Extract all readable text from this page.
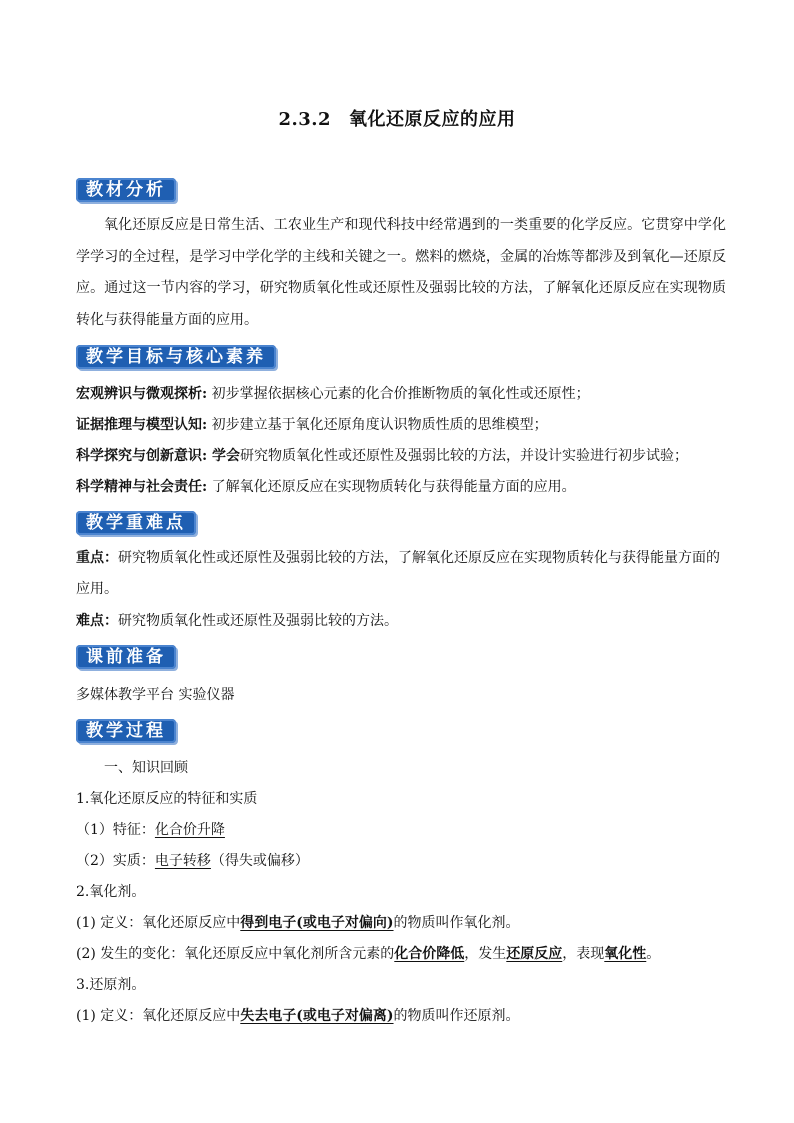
2.3.2 氧化还原反应的应用
教材分析
氧化还原反应是日常生活、工农业生产和现代科技中经常遇到的一类重要的化学反应。它贯穿中学化学学习的全过程，是学习中学化学的主线和关键之一。燃料的燃烧，金属的冶炼等都涉及到氧化—还原反应。通过这一节内容的学习，研究物质氧化性或还原性及强弱比较的方法，了解氧化还原反应在实现物质转化与获得能量方面的应用。
教学目标与核心素养
宏观辨识与微观探析: 初步掌握依据核心元素的化合价推断物质的氧化性或还原性；
证据推理与模型认知: 初步建立基于氧化还原角度认识物质性质的思维模型；
科学探究与创新意识: 学会研究物质氧化性或还原性及强弱比较的方法，并设计实验进行初步试验；
科学精神与社会责任: 了解氧化还原反应在实现物质转化与获得能量方面的应用。
教学重难点
重点：研究物质氧化性或还原性及强弱比较的方法，了解氧化还原反应在实现物质转化与获得能量方面的应用。
难点：研究物质氧化性或还原性及强弱比较的方法。
课前准备
多媒体教学平台 实验仪器
教学过程
一、知识回顾
1.氧化还原反应的特征和实质
（1）特征：化合价升降
（2）实质：电子转移（得失或偏移）
2.氧化剂。
(1) 定义：氧化还原反应中得到电子(或电子对偏向)的物质叫作氧化剂。
(2) 发生的变化：氧化还原反应中氧化剂所含元素的化合价降低，发生还原反应，表现氧化性。
3.还原剂。
(1) 定义：氧化还原反应中失去电子(或电子对偏离)的物质叫作还原剂。
